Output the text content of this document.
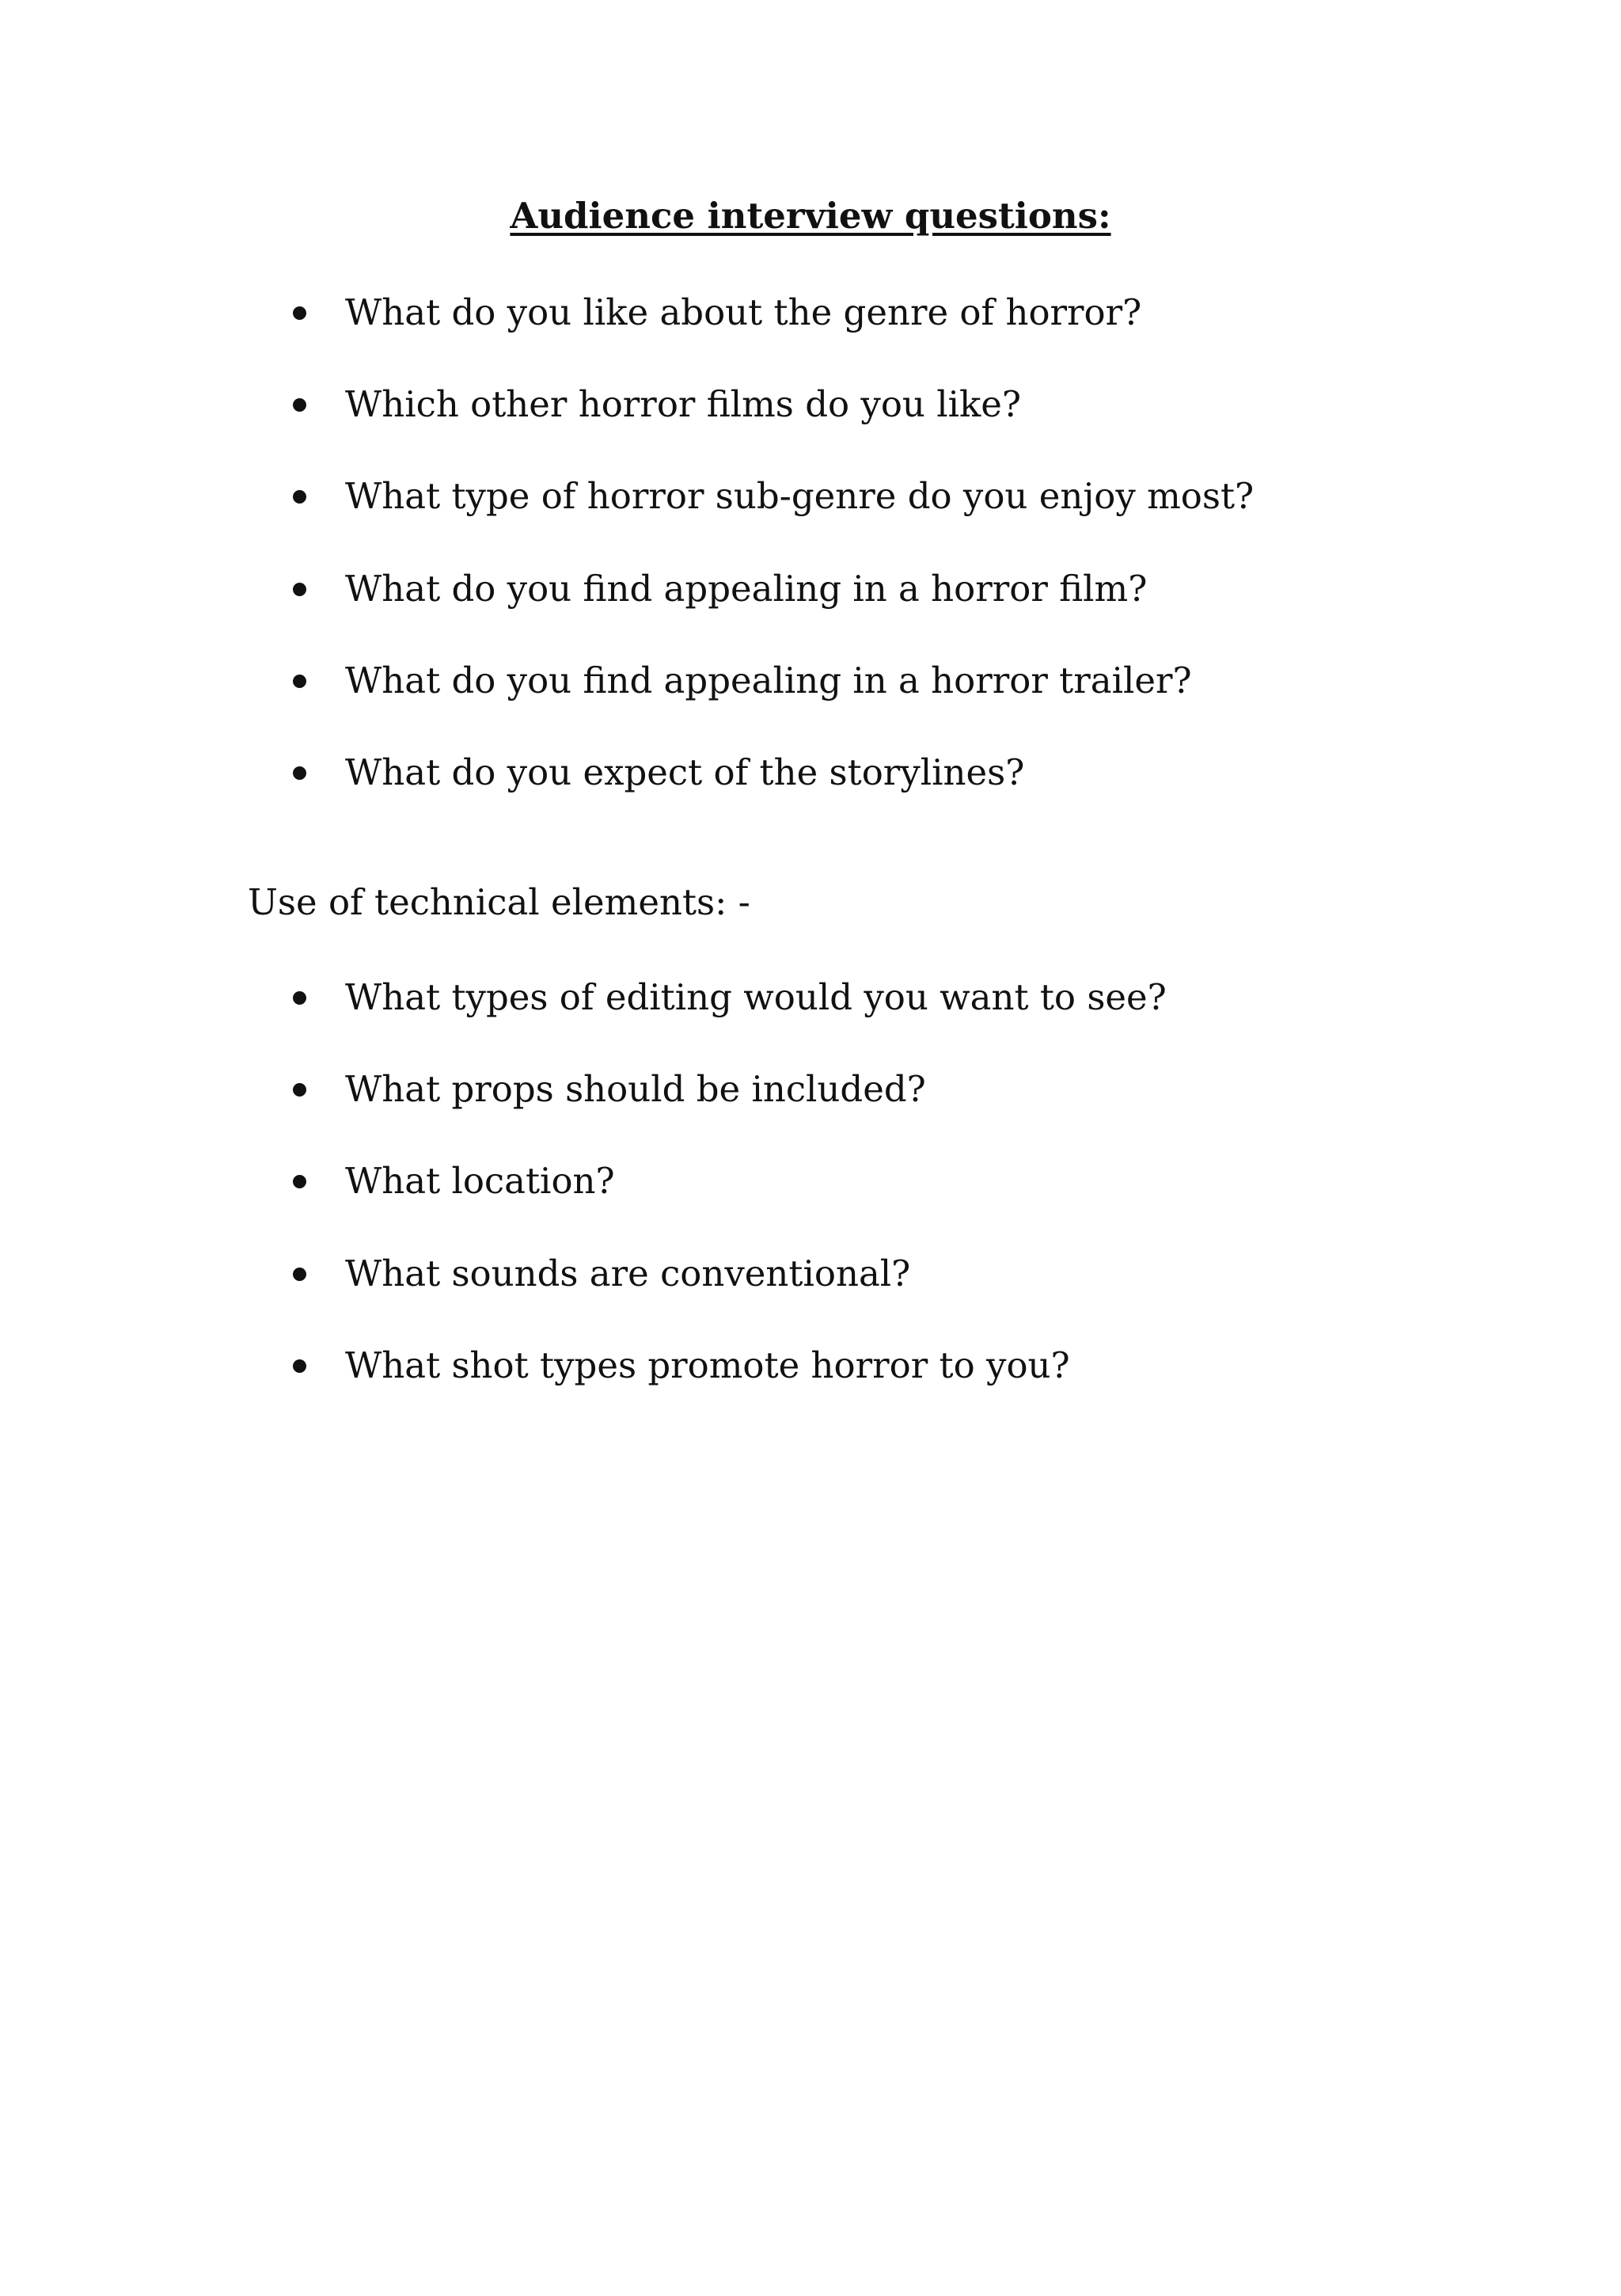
Audience interview questions:
What do you like about the genre of horror?
Which other horror films do you like?
What type of horror sub-genre do you enjoy most?
What do you find appealing in a horror film?
What do you find appealing in a horror trailer?
What do you expect of the storylines?
Use of technical elements: -
What types of editing would you want to see?
What props should be included?
What location?
What sounds are conventional?
What shot types promote horror to you?
